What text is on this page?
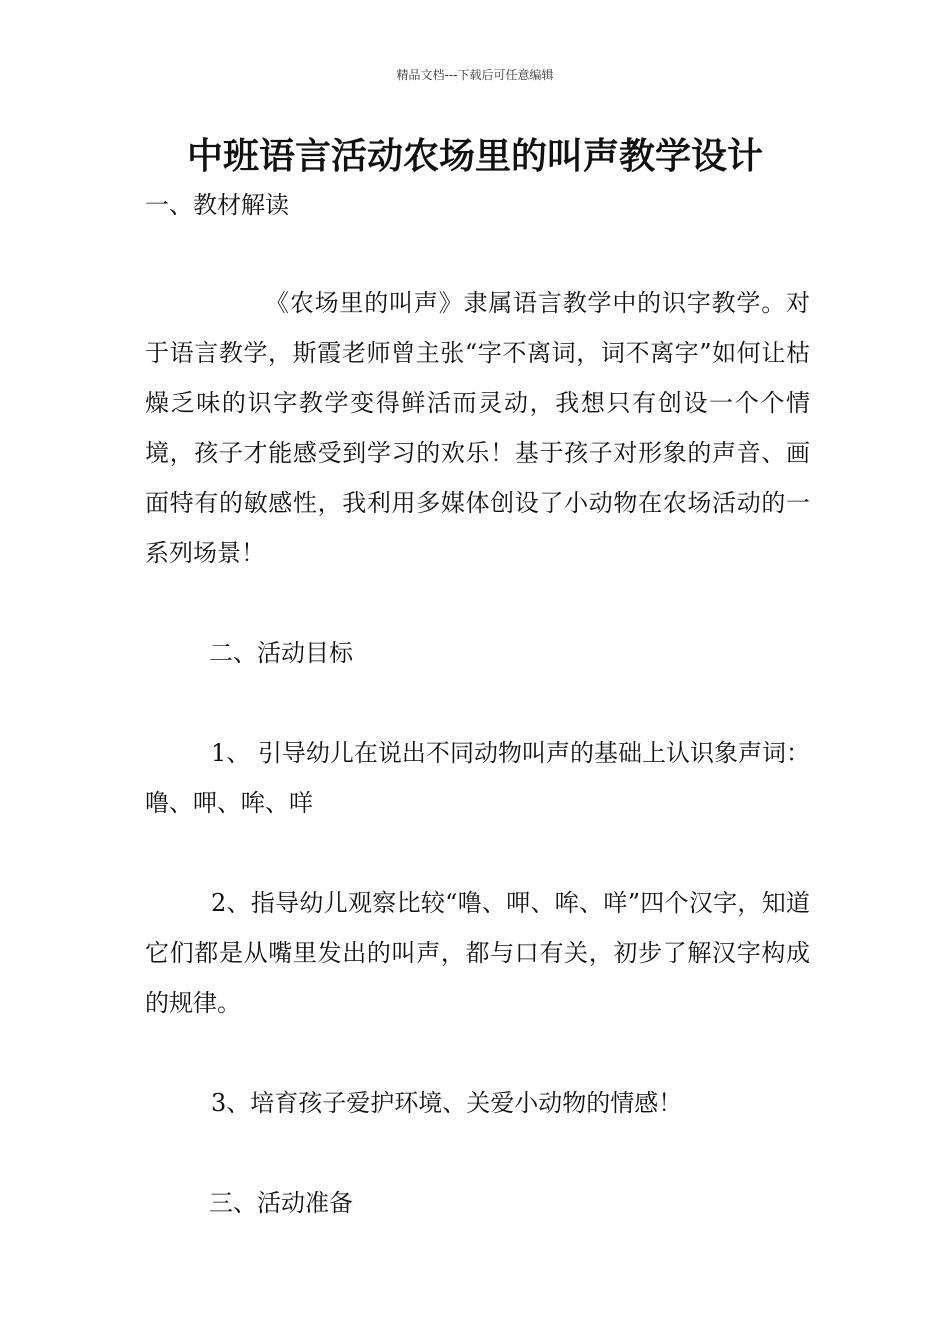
精品文档---下载后可任意编辑
中班语言活动农场里的叫声教学设计

一、教材解读

《农场里的叫声》隶属语言教学中的识字教学。对于语言教学，斯霞老师曾主张“字不离词，词不离字”如何让枯燥乏味的识字教学变得鲜活而灵动，我想只有创设一个个情境，孩子才能感受到学习的欢乐！基于孩子对形象的声音、画面特有的敏感性，我利用多媒体创设了小动物在农场活动的一系列场景！

二、活动目标

1、 引导幼儿在说出不同动物叫声的基础上认识象声词：噜、呷、哞、咩

2、指导幼儿观察比较“噜、呷、哞、咩”四个汉字，知道它们都是从嘴里发出的叫声，都与口有关，初步了解汉字构成的规律。

3、培育孩子爱护环境、关爱小动物的情感！

三、活动准备
